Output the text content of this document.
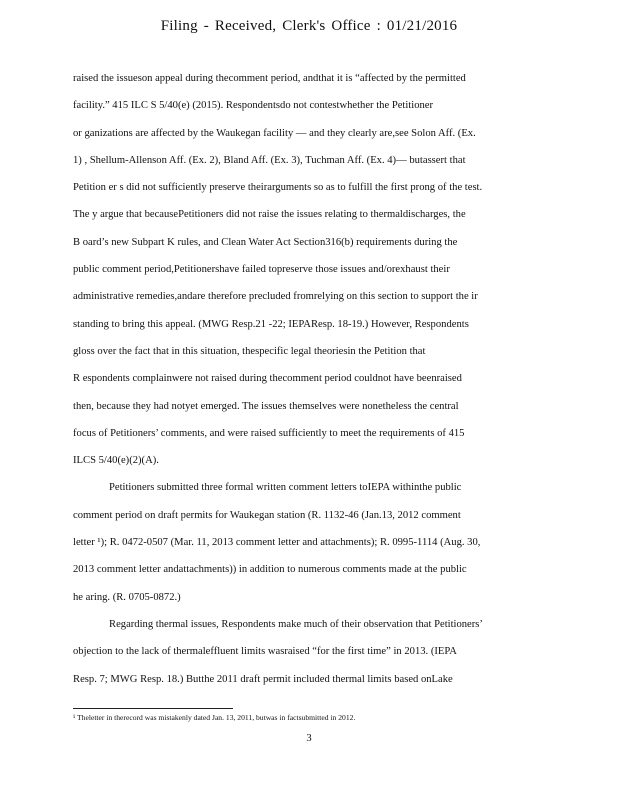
Filing - Received, Clerk's Office : 01/21/2016
raised the issueson appeal during thecomment period, andthat it is “affected by the permitted
facility.” 415 ILC S 5/40(e) (2015). Respondentsdo not contestwhether the Petitioner
or ganizations are affected by the Waukegan facility — and they clearly are,see Solon Aff. (Ex.
1) , Shellum-Allenson Aff. (Ex. 2), Bland Aff. (Ex. 3), Tuchman Aff. (Ex. 4)— butassert that
Petition er s did not sufficiently preserve theirarguments so as to fulfill the first prong of the test.
The y argue that becausePetitioners did not raise the issues relating to thermaldischarges, the
B oard’s new Subpart K rules, and Clean Water Act Section316(b) requirements during the
public comment period,Petitionershave failed topreserve those issues and/orexhaust their
administrative remedies,andare therefore precluded fromrelying on this section to support the ir
standing to bring this appeal. (MWG Resp.21 -22; IEPAResp. 18-19.) However, Respondents
gloss over the fact that in this situation, thespecific legal theoriesin the Petition that
R espondents complainwere not raised during thecomment period couldnot have beenraised
then, because they had notyet emerged. The issues themselves were nonetheless the central
focus of Petitioners’ comments, and were raised sufficiently to meet the requirements of 415
ILCS 5/40(e)(2)(A).
Petitioners submitted three formal written comment letters toIEPA withinthe public
comment period on draft permits for Waukegan station (R. 1132-46 (Jan.13, 2012 comment
letter ¹); R. 0472-0507 (Mar. 11, 2013 comment letter and attachments); R. 0995-1114 (Aug. 30,
2013 comment letter andattachments)) in addition to numerous comments made at the public
he aring. (R. 0705-0872.)
Regarding thermal issues, Respondents make much of their observation that Petitioners’
objection to the lack of thermaleffluent limits wasraised “for the first time” in 2013. (IEPA
Resp. 7; MWG Resp. 18.) Butthe 2011 draft permit included thermal limits based onLake
¹ Theletter in therecord was mistakenly dated Jan. 13, 2011, butwas in factsubmitted in 2012.
3
